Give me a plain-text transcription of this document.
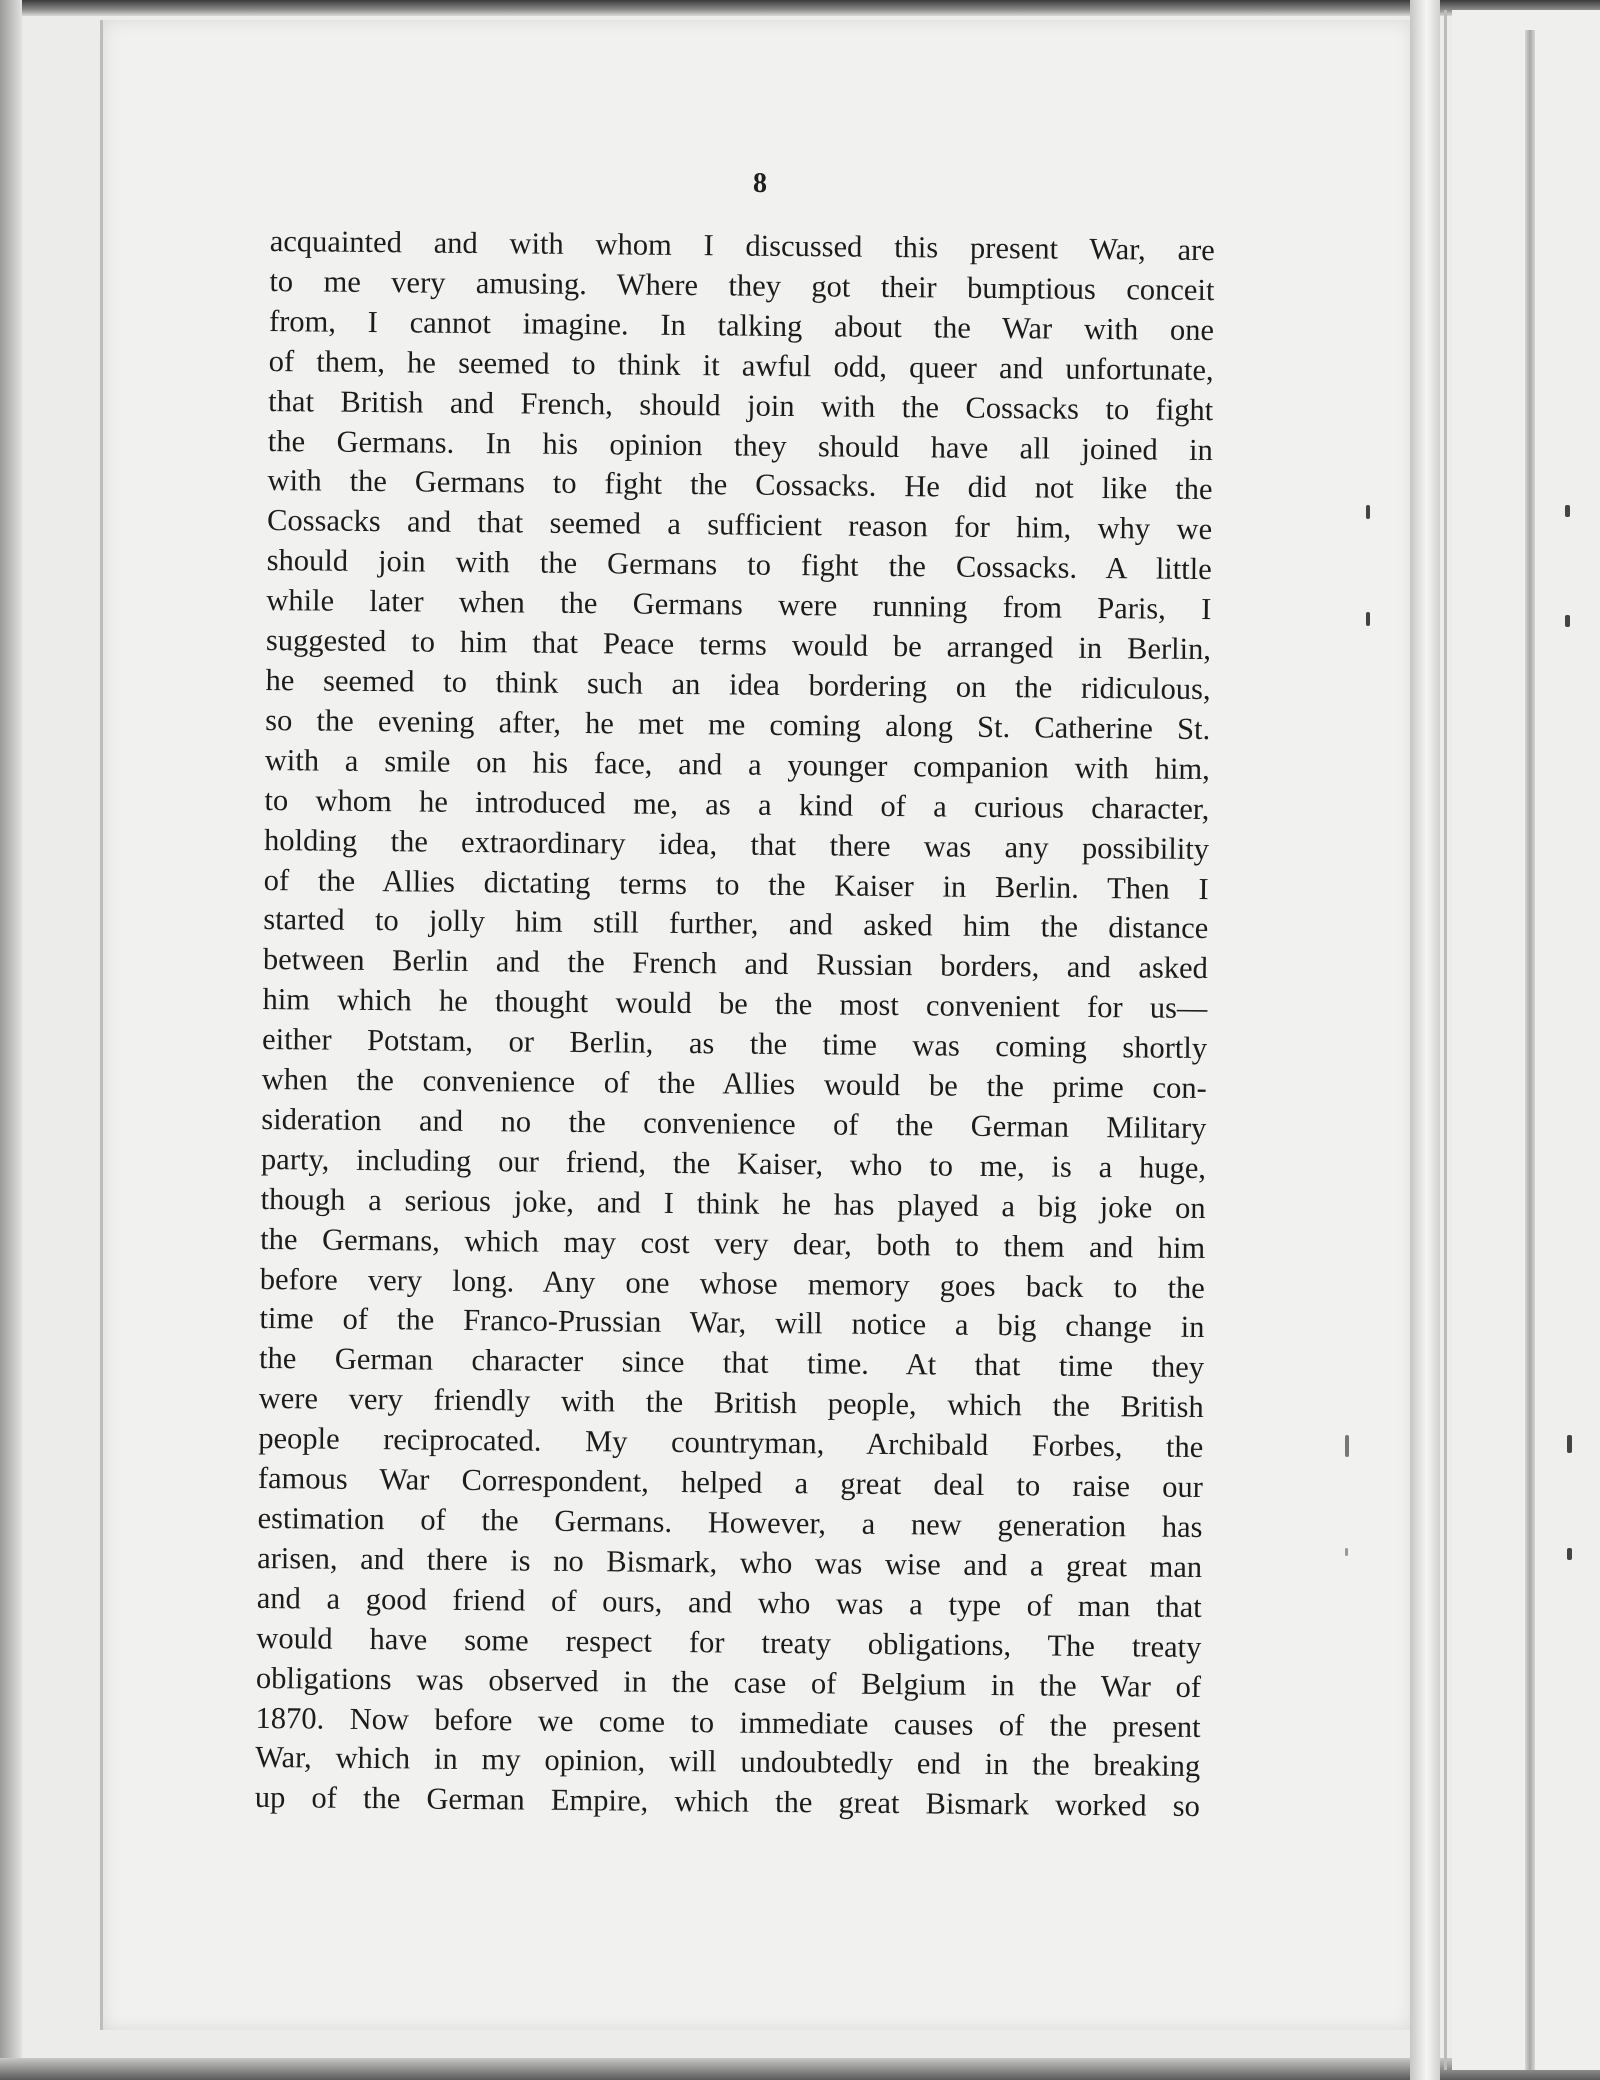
8

acquainted and with whom I discussed this present War, are
to me very amusing. Where they got their bumptious conceit
from, I cannot imagine. In talking about the War with one
of them, he seemed to think it awful odd, queer and unfortunate,
that British and French, should join with the Cossacks to fight
the Germans. In his opinion they should have all joined in
with the Germans to fight the Cossacks. He did not like the
Cossacks and that seemed a sufficient reason for him, why we
should join with the Germans to fight the Cossacks. A little
while later when the Germans were running from Paris, I
suggested to him that Peace terms would be arranged in Berlin,
he seemed to think such an idea bordering on the ridiculous,
so the evening after, he met me coming along St. Catherine St.
with a smile on his face, and a younger companion with him,
to whom he introduced me, as a kind of a curious character,
holding the extraordinary idea, that there was any possibility
of the Allies dictating terms to the Kaiser in Berlin. Then I
started to jolly him still further, and asked him the distance
between Berlin and the French and Russian borders, and asked
him which he thought would be the most convenient for us—
either Potstam, or Berlin, as the time was coming shortly
when the convenience of the Allies would be the prime con-
sideration and no the convenience of the German Military
party, including our friend, the Kaiser, who to me, is a huge,
though a serious joke, and I think he has played a big joke on
the Germans, which may cost very dear, both to them and him
before very long. Any one whose memory goes back to the
time of the Franco-Prussian War, will notice a big change in
the German character since that time. At that time they
were very friendly with the British people, which the British
people reciprocated. My countryman, Archibald Forbes, the
famous War Correspondent, helped a great deal to raise our
estimation of the Germans. However, a new generation has
arisen, and there is no Bismark, who was wise and a great man
and a good friend of ours, and who was a type of man that
would have some respect for treaty obligations, The treaty
obligations was observed in the case of Belgium in the War of
1870. Now before we come to immediate causes of the present
War, which in my opinion, will undoubtedly end in the breaking
up of the German Empire, which the great Bismark worked so
